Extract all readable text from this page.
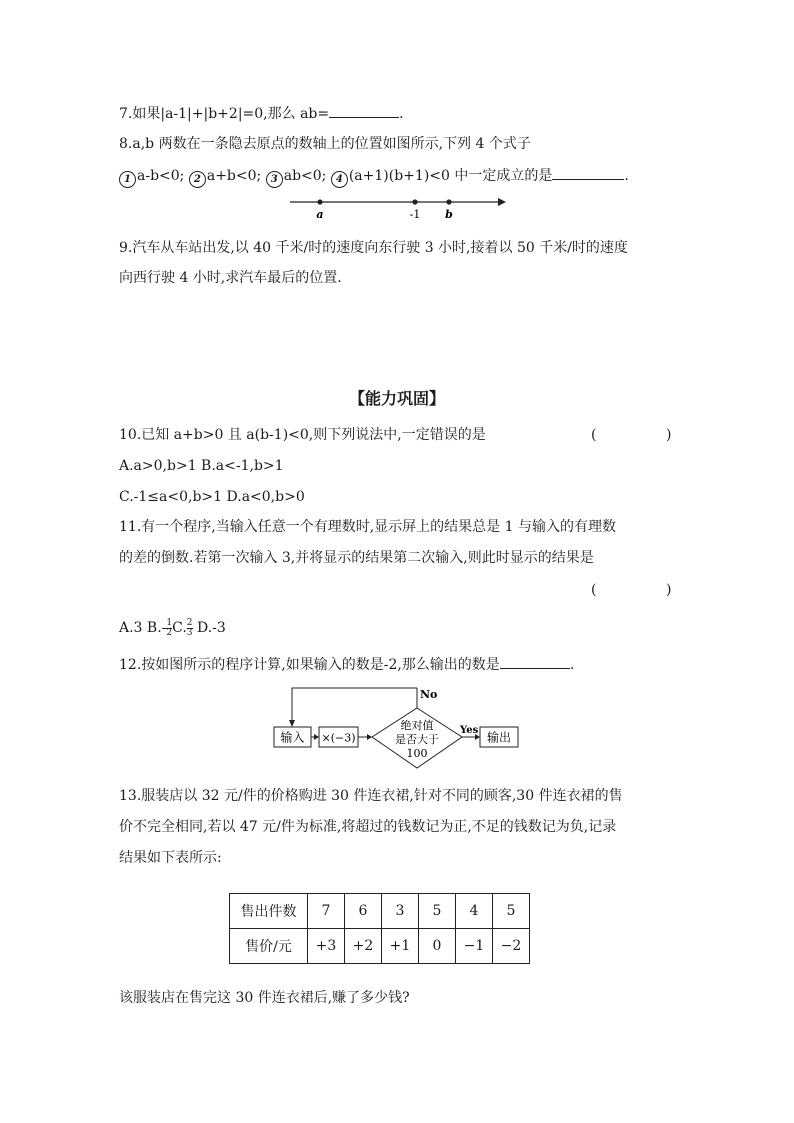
7.如果|a-1|+|b+2|=0,那么 ab=	.
8.a,b 两数在一条隐去原点的数轴上的位置如图所示,下列 4 个式子
1 a-b<0; 2 a+b<0; 3 ab<0; 4 (a+1)(b+1)<0 中一定成立的是	.
a	-1 b
9.汽车从车站出发,以 40 千米/时的速度向东行驶 3 小时,接着以 50 千米/时的速度
向西行驶 4 小时,求汽车最后的位置.
【能力巩固】
10.已知 a+b>0 且 a(b-1)<0,则下列说法中,一定错误的是	(	)
A.a>0,b>1 B.a<-1,b>1
C.-1≤a<0,b>1 D.a<0,b>0
11.有一个程序,当输入任意一个有理数时,显示屏上的结果总是 1 与输入的有理数
的差的倒数.若第一次输入 3,并将显示的结果第二次输入,则此时显示的结果是
(	)
A.3 $B.- \frac{1}{2} C$. $\frac{2}{3} D.-3$
12.按如图所示的程序计算,如果输入的数是-2,那么输出的数是	.
No
输入 ×(−3)
绝对值
是否大于
100
Yes 输出
13.服装店以 32 元/件的价格购进 30 件连衣裙,针对不同的顾客,30 件连衣裙的售
价不完全相同,若以 47 元/件为标准,将超过的钱数记为正,不足的钱数记为负,记录
结果如下表所示:
售出件数	7	6	3	5	4	5
售价/元	+3	+2	+1	0	−1	−2
该服装店在售完这 30 件连衣裙后,赚了多少钱?
